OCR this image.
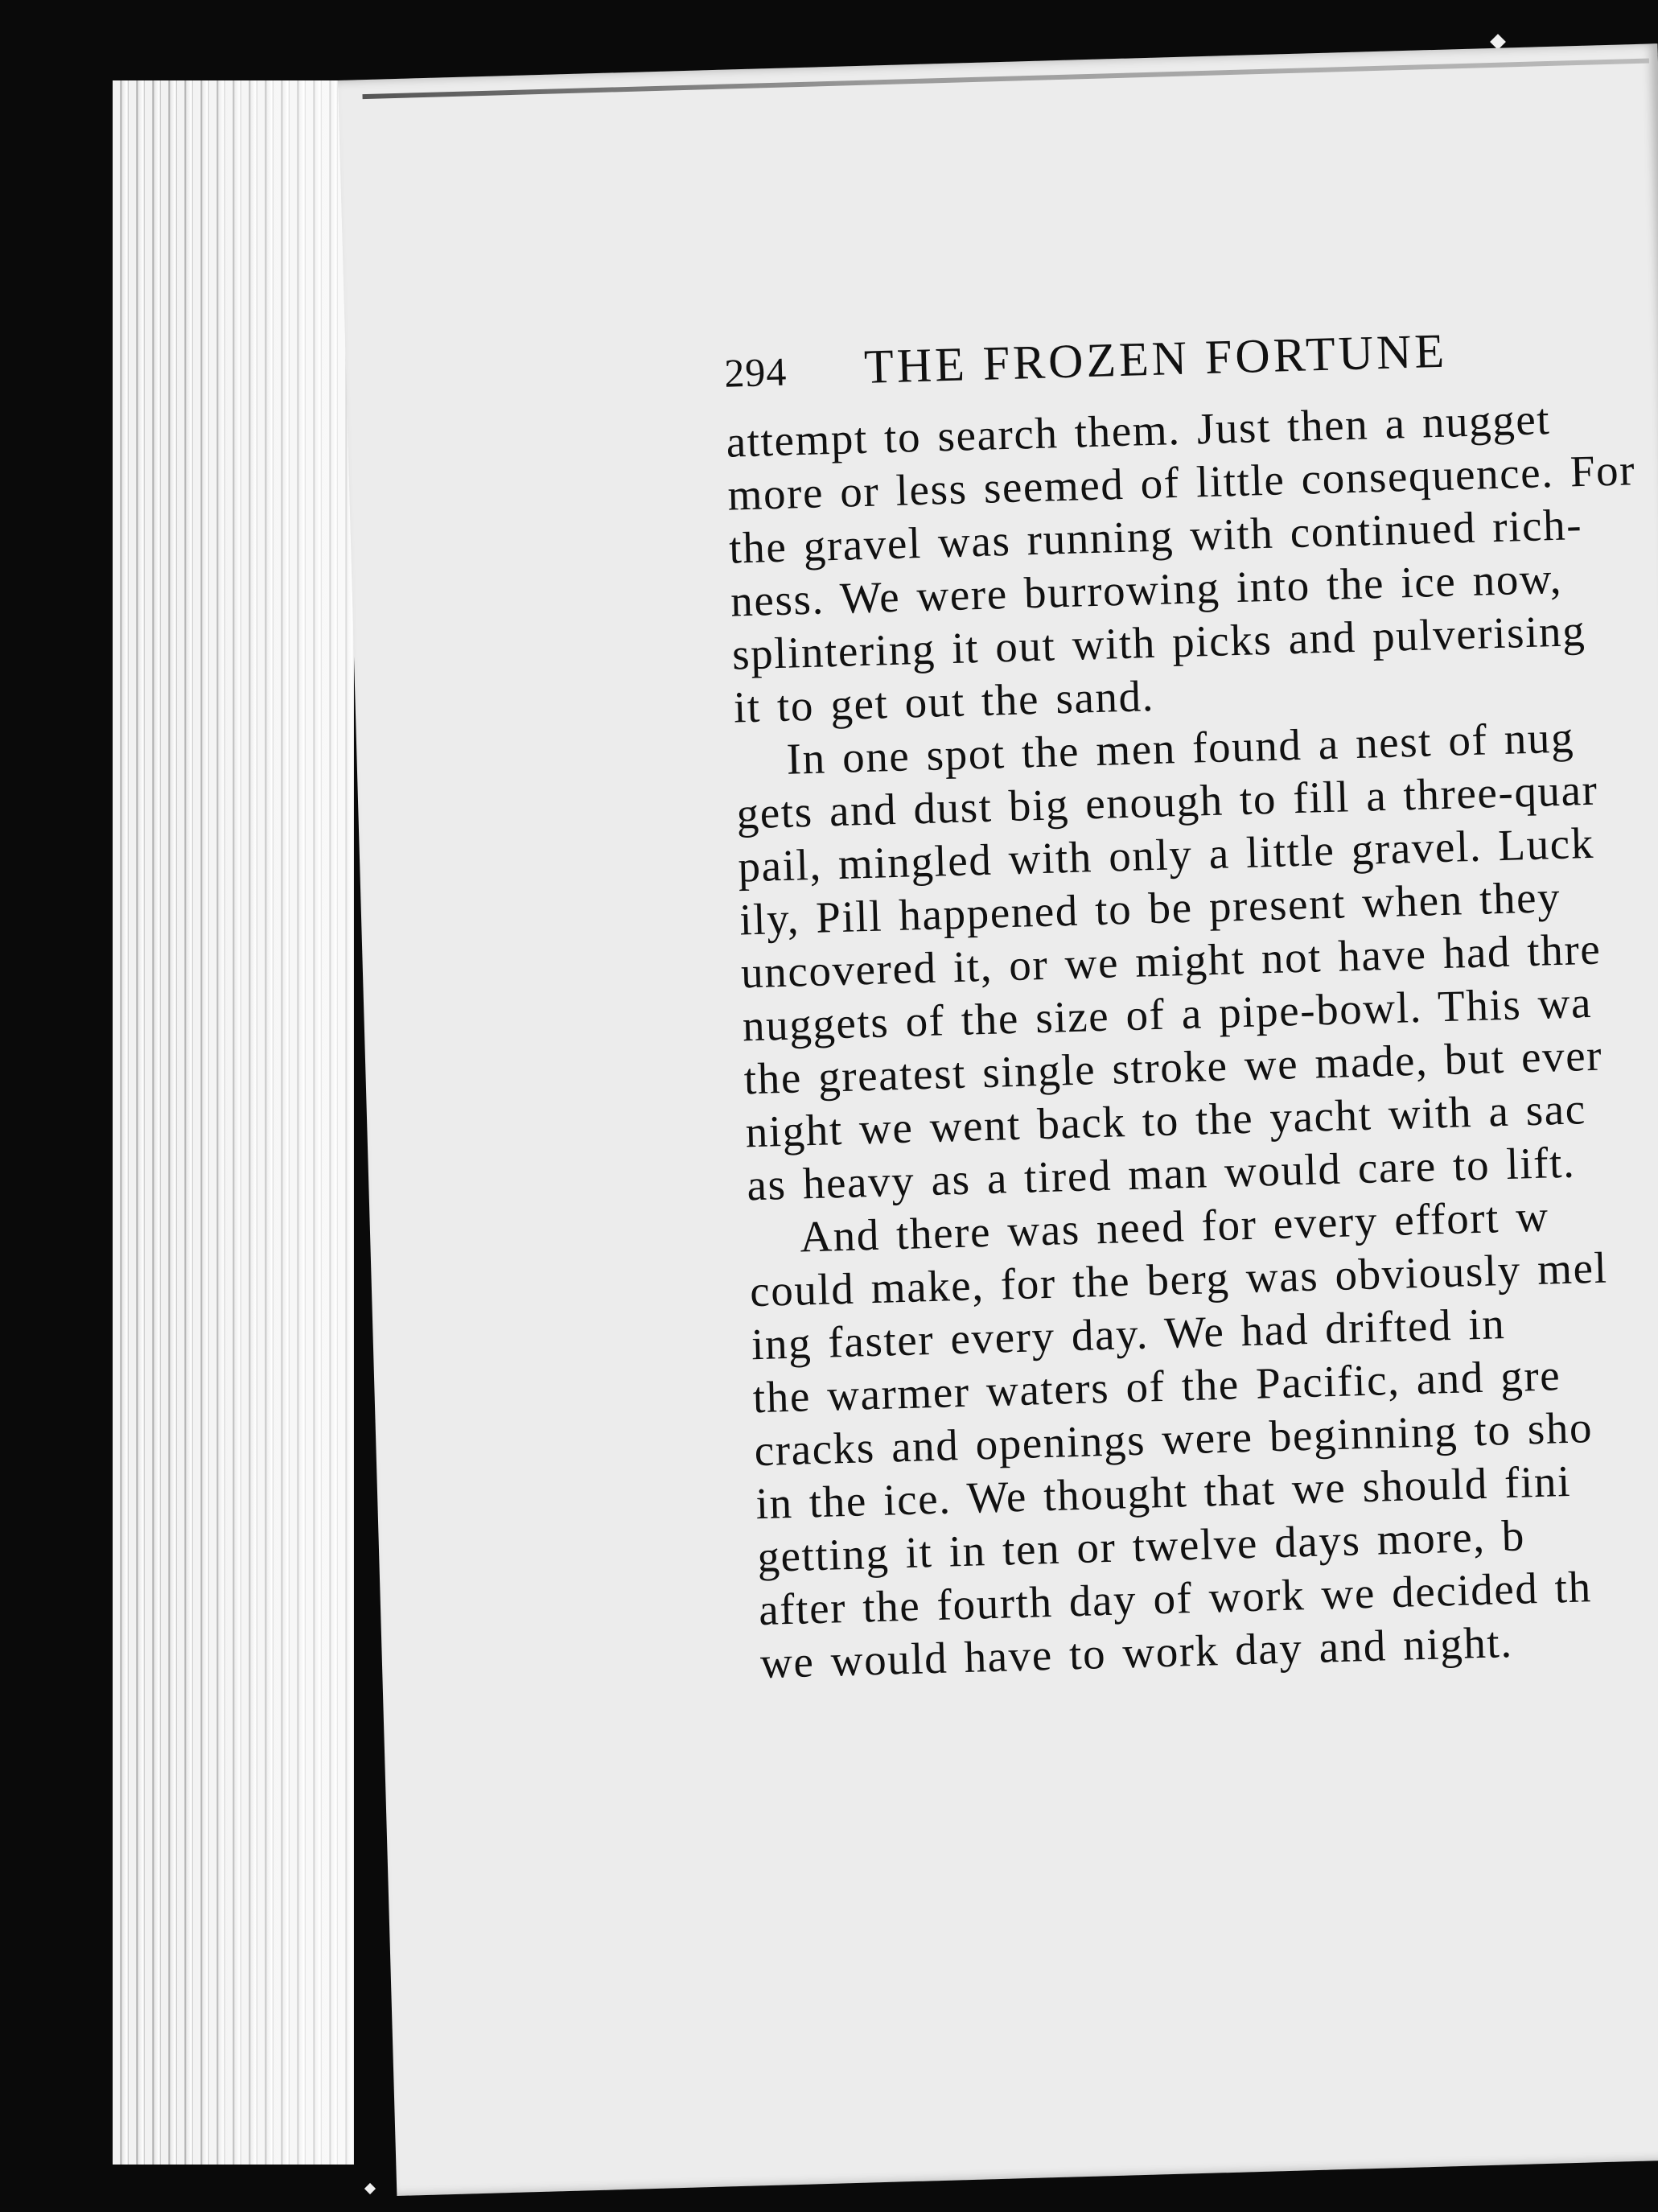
294 THE FROZEN FORTUNE

attempt to search them. Just then a nugget
more or less seemed of little consequence. For
the gravel was running with continued rich-
ness. We were burrowing into the ice now,
splintering it out with picks and pulverising
it to get out the sand.

In one spot the men found a nest of nug
gets and dust big enough to fill a three-quar
pail, mingled with only a little gravel. Luck
ily, Pill happened to be present when they
uncovered it, or we might not have had thre
nuggets of the size of a pipe-bowl. This wa
the greatest single stroke we made, but ever
night we went back to the yacht with a sac
as heavy as a tired man would care to lift.

And there was need for every effort w
could make, for the berg was obviously mel
ing faster every day. We had drifted in
the warmer waters of the Pacific, and gre
cracks and openings were beginning to sho
in the ice. We thought that we should fini
getting it in ten or twelve days more, b
after the fourth day of work we decided th
we would have to work day and night.
